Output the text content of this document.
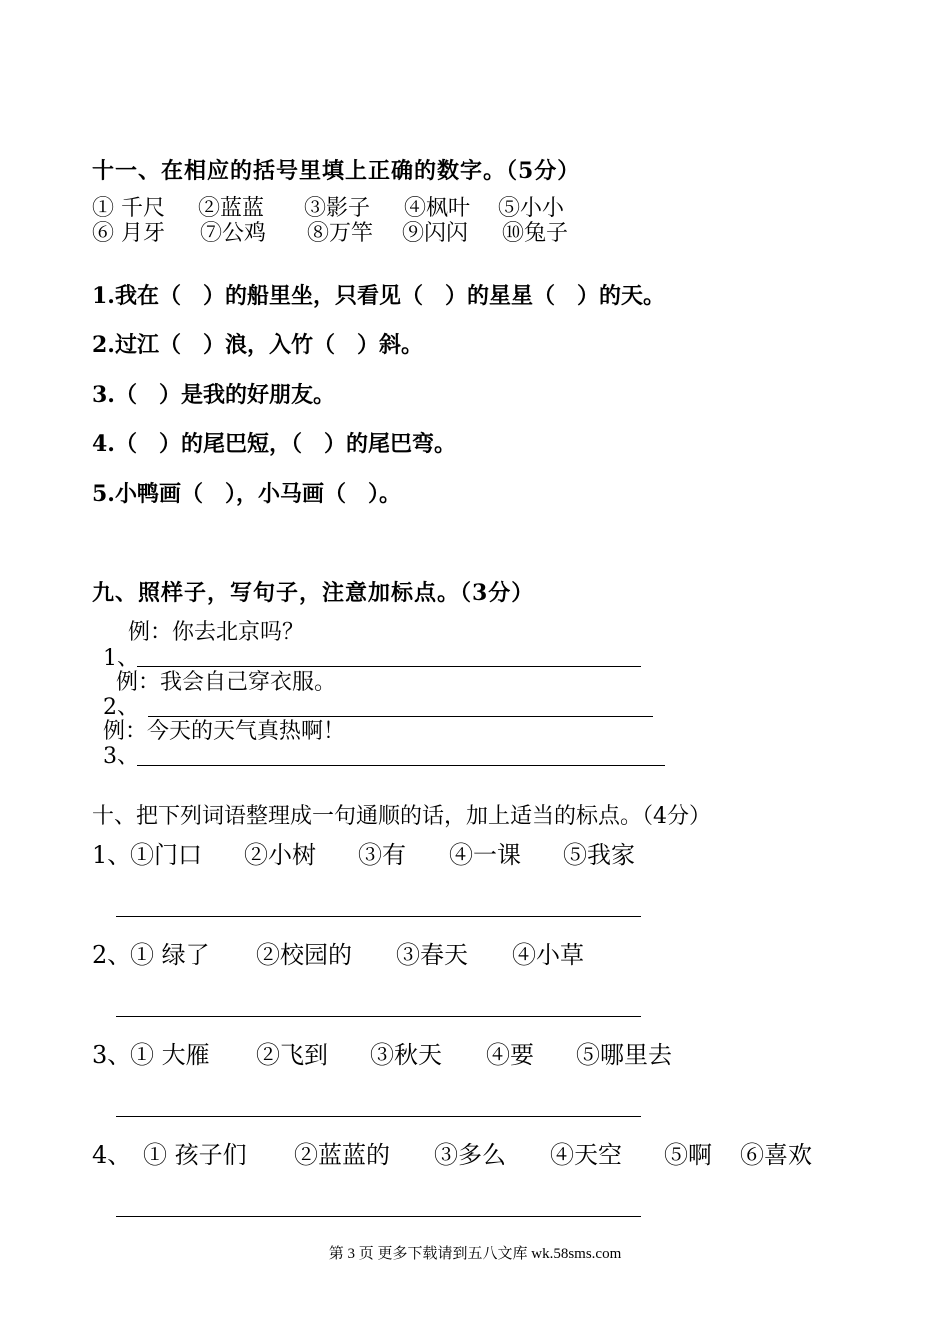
十一、在相应的括号里填上正确的数字。（5分）
① 千尺 ②蓝蓝 ③影子 ④枫叶 ⑤小小
⑥ 月牙 ⑦公鸡 ⑧万竿 ⑨闪闪 ⑩兔子
1.我在（　）的船里坐，只看见（　）的星星（　）的天。
2.过江（　）浪，入竹（　）斜。
3.（　）是我的好朋友。
4.（　）的尾巴短，（　）的尾巴弯。
5.小鸭画（　），小马画（　）。
九、照样子，写句子，注意加标点。（3分）
例：你去北京吗？
1、
例：我会自己穿衣服。
2、
例：今天的天气真热啊！
3、
十、把下列词语整理成一句通顺的话，加上适当的标点。（4分）
1、
①门口 ②小树 ③有 ④一课 ⑤我家
2、
① 绿了 ②校园的 ③春天 ④小草
3、
① 大雁 ②飞到 ③秋天 ④要 ⑤哪里去
4、 ① 孩子们 ②蓝蓝的 ③多么 ④天空 ⑤啊 ⑥喜欢
第 3 页 更多下载请到五八文库 wk.58sms.com
